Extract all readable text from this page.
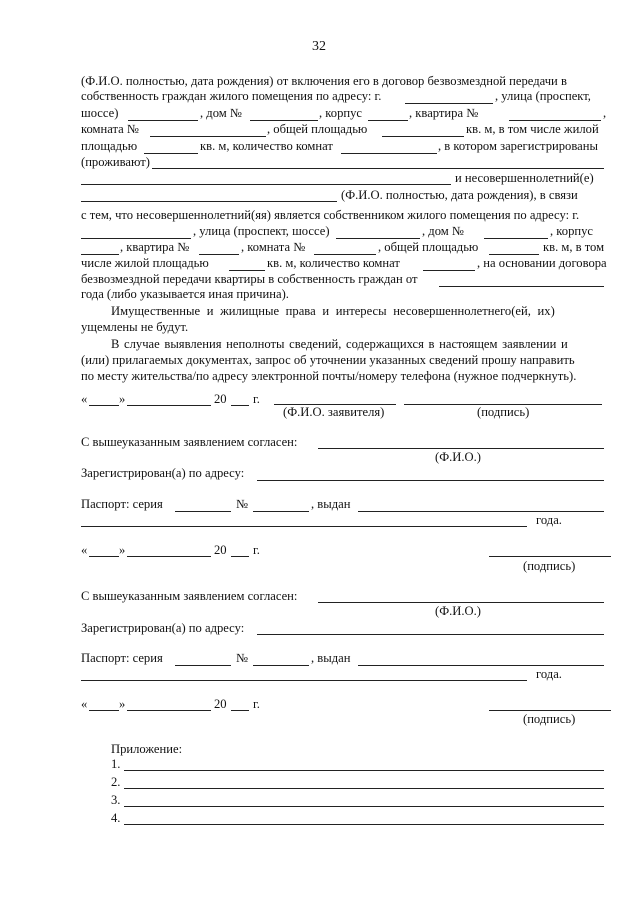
32
(Ф.И.О. полностью, дата рождения) от включения его в договор безвозмездной передачи в
собственность граждан жилого помещения по адресу: г.	, улица (проспект,
шоссе)	, дом №	, корпус	, квартира №	,
комната №	, общей площадью	кв. м, в том числе жилой
площадью	кв. м, количество комнат	, в котором зарегистрированы
(проживают)
и несовершеннолетний(е)
(Ф.И.О. полностью, дата рождения), в связи
с тем, что несовершеннолетний(яя) является собственником жилого помещения по адресу: г.
, улица (проспект, шоссе)	, дом №	, корпус
, квартира №	, комната №	, общей площадью	кв. м, в том
числе жилой площадью	кв. м, количество комнат	, на основании договора
безвозмездной передачи квартиры в собственность граждан от
года (либо указывается иная причина).
Имущественные и жилищные права и интересы несовершеннолетнего(ей, их)
ущемлены не будут.
В случае выявления неполноты сведений, содержащихся в настоящем заявлении и
(или) прилагаемых документах, запрос об уточнении указанных сведений прошу направить
по месту жительства/по адресу электронной почты/номеру телефона (нужное подчеркнуть).
«	»	20 г.
(Ф.И.О. заявителя)	(подпись)
С вышеуказанным заявлением согласен:
(Ф.И.О.)
Зарегистрирован(а) по адресу:
Паспорт: серия	№	, выдан
года.
«	»	20 г.
(подпись)
С вышеуказанным заявлением согласен:
(Ф.И.О.)
Зарегистрирован(а) по адресу:
Паспорт: серия	№	, выдан
года.
«	»	20 г.
(подпись)
Приложение:
1.
2.
3.
4.
